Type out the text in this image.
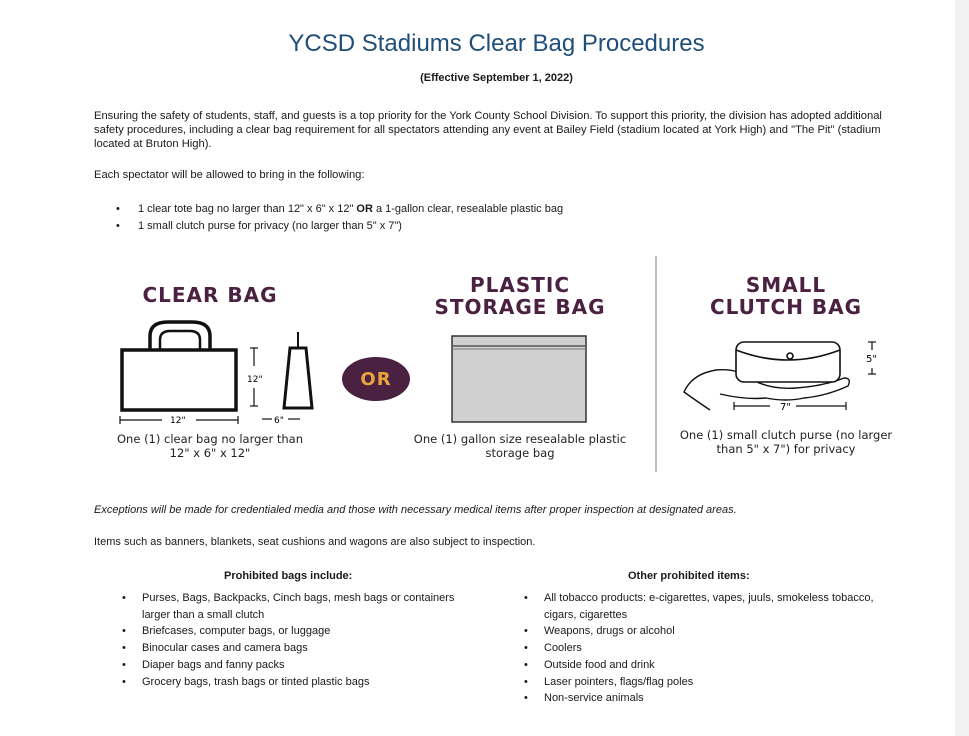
YCSD Stadiums Clear Bag Procedures
(Effective September 1, 2022)
Ensuring the safety of students, staff, and guests is a top priority for the York County School Division. To support this priority, the division has adopted additional safety procedures, including a clear bag requirement for all spectators attending any event at Bailey Field (stadium located at York High) and "The Pit" (stadium located at Bruton High).
Each spectator will be allowed to bring in the following:
• 1 clear tote bag no larger than 12" x 6" x 12" OR a 1-gallon clear, resealable plastic bag
• 1 small clutch purse for privacy (no larger than 5" x 7")
CLEAR BAG
12"
12"	6"
One (1) clear bag no larger than 12" x 6" x 12"
OR
PLASTIC
STORAGE BAG
One (1) gallon size resealable plastic storage bag
SMALL
CLUTCH BAG
5"
7"
One (1) small clutch purse (no larger than 5" x 7") for privacy
Exceptions will be made for credentialed media and those with necessary medical items after proper inspection at designated areas.
Items such as banners, blankets, seat cushions and wagons are also subject to inspection.
Prohibited bags include:
• Purses, Bags, Backpacks, Cinch bags, mesh bags or containers larger than a small clutch
• Briefcases, computer bags, or luggage
• Binocular cases and camera bags
• Diaper bags and fanny packs
• Grocery bags, trash bags or tinted plastic bags
Other prohibited items:
• All tobacco products: e-cigarettes, vapes, juuls, smokeless tobacco, cigars, cigarettes
• Weapons, drugs or alcohol
• Coolers
• Outside food and drink
• Laser pointers, flags/flag poles
• Non-service animals
